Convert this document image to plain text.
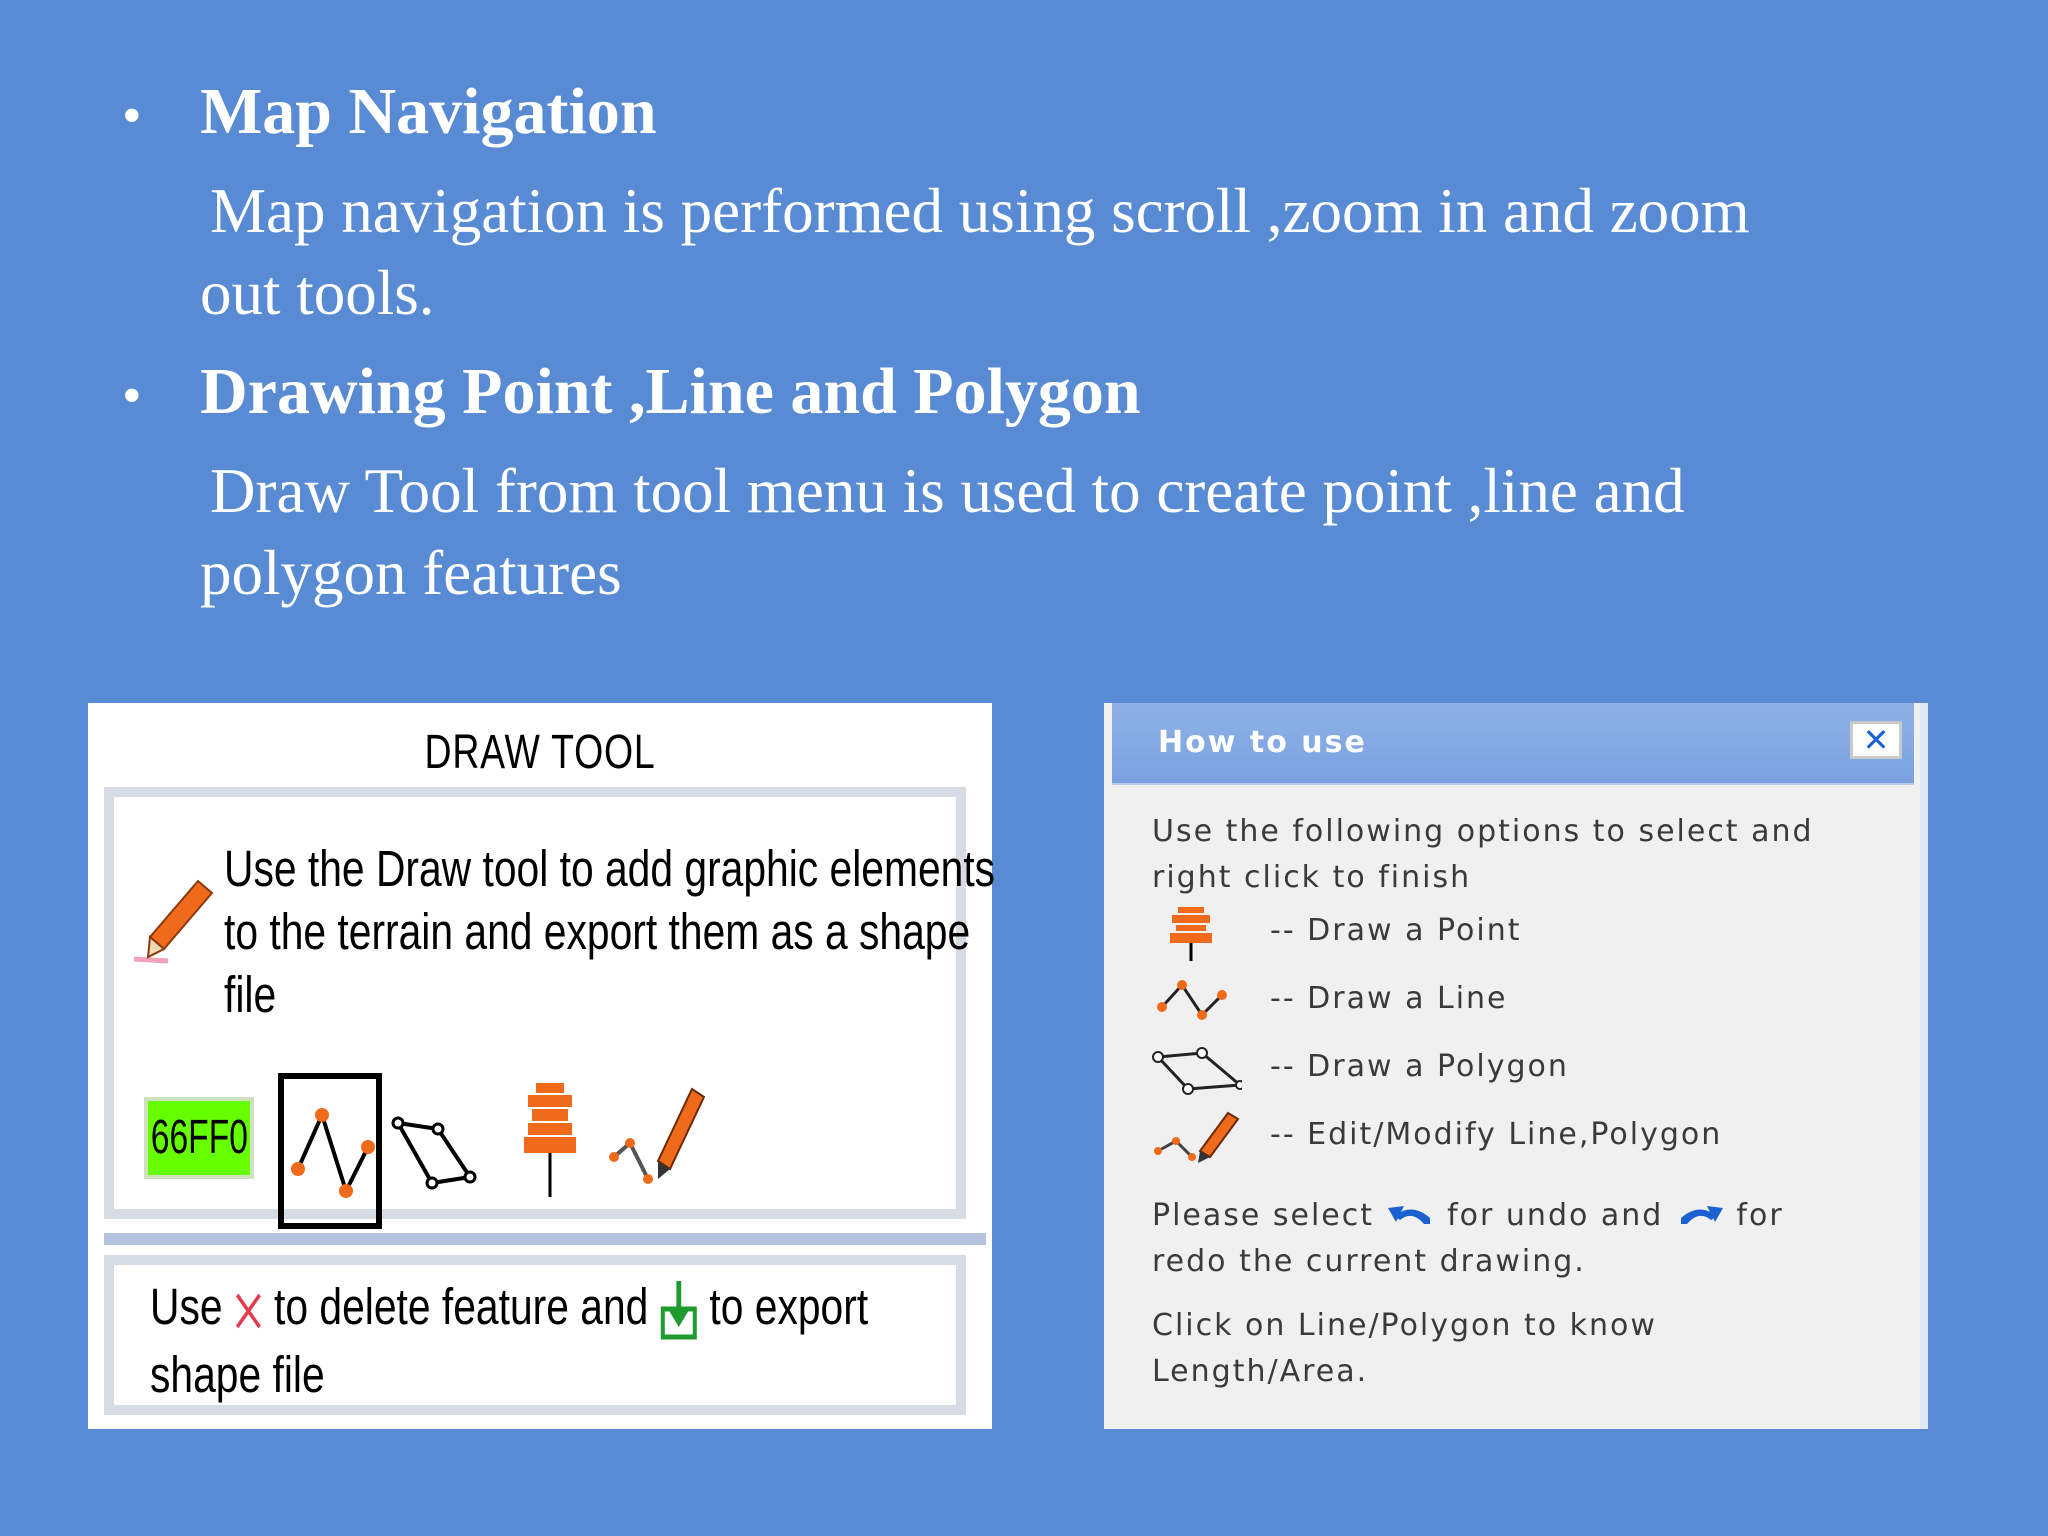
• Map Navigation
Map navigation is performed using scroll ,zoom in and zoom
out tools.
• Drawing Point ,Line and Polygon
Draw Tool from tool menu is used to create point ,line and
polygon features
DRAW TOOL
Use the Draw tool to add graphic elements
to the terrain and export them as a shape
file
66FF0
Use to delete feature and to export
shape file
How to use	✕
Use the following options to select and
right click to finish
-- Draw a Point
-- Draw a Line
-- Draw a Polygon
-- Edit/Modify Line,Polygon
Please select for undo and for
redo the current drawing.
Click on Line/Polygon to know
Length/Area.
